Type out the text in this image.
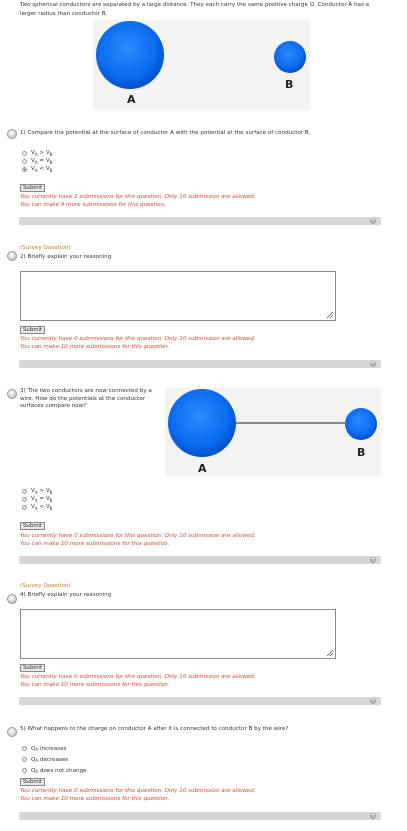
Two spherical conductors are separated by a large distance. They each carry the same positive charge Q. Conductor A has a larger radius than conductor B.
A
B
1) Compare the potential at the surface of conductor A with the potential at the surface of conductor B.
$V_A > V_B$
$V_A = V_B$
$V_A < V_B$
Submit
You currently have 1 submissions for this question. Only 10 submission are allowed.
You can make 9 more submissions for this question.
+
(Survey Question)
2) Briefly explain your reasoning
Submit
You currently have 0 submissions for this question. Only 10 submission are allowed.
You can make 10 more submissions for this question.
+
3) The two conductors are now connected by a wire. How do the potentials at the conductor surfaces compare now?
A
B
$V_A > V_B$
$V_A = V_B$
$V_A < V_B$
Submit
You currently have 0 submissions for this question. Only 10 submission are allowed.
You can make 10 more submissions for this question.
+
(Survey Question)
4) Briefly explain your reasoning
Submit
You currently have 0 submissions for this question. Only 10 submission are allowed.
You can make 10 more submissions for this question.
+
5) What happens to the charge on conductor A after it is connected to conductor B by the wire?
$Q_A$ increases
$Q_A$ decreases
$Q_A$ does not change
Submit
You currently have 0 submissions for this question. Only 10 submission are allowed.
You can make 10 more submissions for this question.
+
